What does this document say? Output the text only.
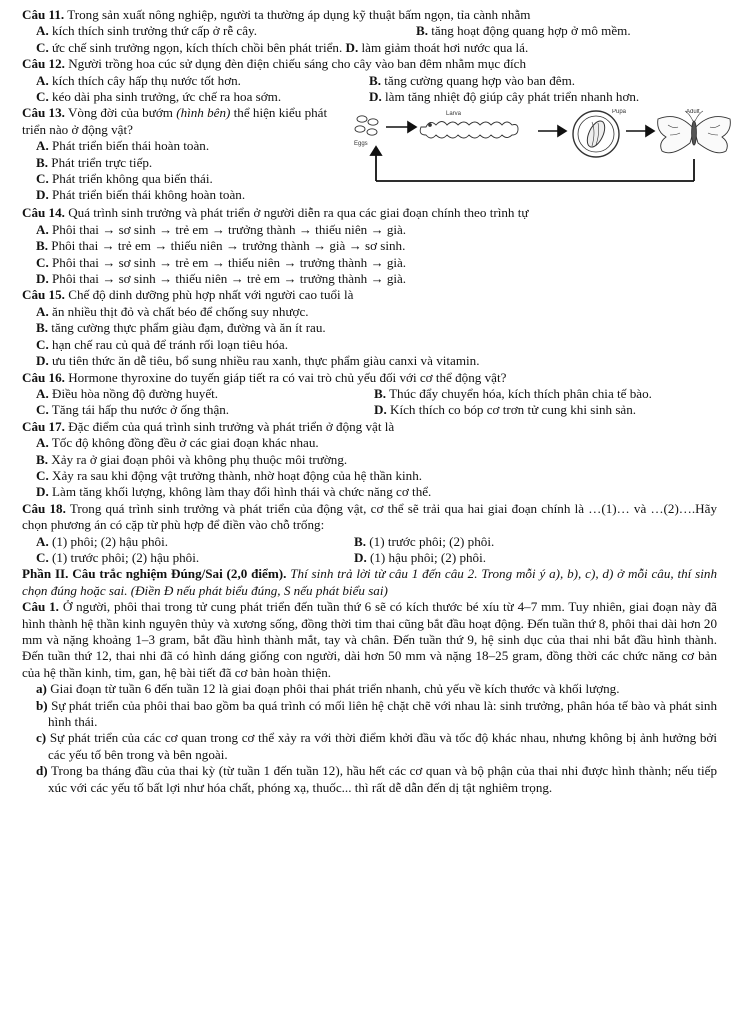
Câu 11. Trong sản xuất nông nghiệp, người ta thường áp dụng kỹ thuật bấm ngọn, tỉa cành nhằm
A. kích thích sinh trưởng thứ cấp ở rễ cây.	B. tăng hoạt động quang hợp ở mô mềm.
C. ức chế sinh trưởng ngọn, kích thích chồi bên phát triển. D. làm giảm thoát hơi nước qua lá.
Câu 12. Người trồng hoa cúc sử dụng đèn điện chiếu sáng cho cây vào ban đêm nhằm mục đích
A. kích thích cây hấp thụ nước tốt hơn.	B. tăng cường quang hợp vào ban đêm.
C. kéo dài pha sinh trưởng, ức chế ra hoa sớm.	D. làm tăng nhiệt độ giúp cây phát triển nhanh hơn.
Câu 13. Vòng đời của bướm (hình bên) thể hiện kiểu phát triển nào ở động vật?
A. Phát triển biến thái hoàn toàn.
B. Phát triển trực tiếp.
C. Phát triển không qua biến thái.
D. Phát triển biến thái không hoàn toàn.
Eggs
Larva	Pupa	Adult
Câu 14. Quá trình sinh trưởng và phát triển ở người diễn ra qua các giai đoạn chính theo trình tự
A. Phôi thai → sơ sinh → trẻ em → trưởng thành → thiếu niên → già.
B. Phôi thai → trẻ em → thiếu niên → trưởng thành → già → sơ sinh.
C. Phôi thai → sơ sinh → trẻ em → thiếu niên → trưởng thành → già.
D. Phôi thai → sơ sinh → thiếu niên → trẻ em → trưởng thành → già.
Câu 15. Chế độ dinh dưỡng phù hợp nhất với người cao tuổi là
A. ăn nhiều thịt đỏ và chất béo để chống suy nhược.
B. tăng cường thực phẩm giàu đạm, đường và ăn ít rau.
C. hạn chế rau củ quả để tránh rối loạn tiêu hóa.
D. ưu tiên thức ăn dễ tiêu, bổ sung nhiều rau xanh, thực phẩm giàu canxi và vitamin.
Câu 16. Hormone thyroxine do tuyến giáp tiết ra có vai trò chủ yếu đối với cơ thể động vật?
A. Điều hòa nồng độ đường huyết.	B. Thúc đẩy chuyển hóa, kích thích phân chia tế bào.
C. Tăng tái hấp thu nước ở ống thận.	D. Kích thích co bóp cơ trơn tử cung khi sinh sản.
Câu 17. Đặc điểm của quá trình sinh trưởng và phát triển ở động vật là
A. Tốc độ không đồng đều ở các giai đoạn khác nhau.
B. Xảy ra ở giai đoạn phôi và không phụ thuộc môi trường.
C. Xảy ra sau khi động vật trưởng thành, nhờ hoạt động của hệ thần kinh.
D. Làm tăng khối lượng, không làm thay đổi hình thái và chức năng cơ thể.
Câu 18. Trong quá trình sinh trưởng và phát triển của động vật, cơ thể sẽ trải qua hai giai đoạn chính là …(1)… và …(2)….Hãy chọn phương án có cặp từ phù hợp để điền vào chỗ trống:
A. (1) phôi; (2) hậu phôi.	B. (1) trước phôi; (2) phôi.
C. (1) trước phôi; (2) hậu phôi.	D. (1) hậu phôi; (2) phôi.
Phần II. Câu trắc nghiệm Đúng/Sai (2,0 điểm). Thí sinh trả lời từ câu 1 đến câu 2. Trong mỗi ý a), b), c), d) ở mỗi câu, thí sinh chọn đúng hoặc sai. (Điền Đ nếu phát biểu đúng, S nếu phát biểu sai)
Câu 1. Ở người, phôi thai trong tử cung phát triển đến tuần thứ 6 sẽ có kích thước bé xíu từ 4–7 mm. Tuy nhiên, giai đoạn này đã hình thành hệ thần kinh nguyên thủy và xương sống, đồng thời tim thai cũng bắt đầu hoạt động. Đến tuần thứ 8, phôi thai dài hơn 20 mm và nặng khoảng 1–3 gram, bắt đầu hình thành mắt, tay và chân. Đến tuần thứ 9, hệ sinh dục của thai nhi bắt đầu hình thành. Đến tuần thứ 12, thai nhi đã có hình dáng giống con người, dài hơn 50 mm và nặng 18–25 gram, đồng thời các chức năng cơ bản của hệ thần kinh, tim, gan, hệ bài tiết đã cơ bản hoàn thiện.
a) Giai đoạn từ tuần 6 đến tuần 12 là giai đoạn phôi thai phát triển nhanh, chủ yếu về kích thước và khối lượng.
b) Sự phát triển của phôi thai bao gồm ba quá trình có mối liên hệ chặt chẽ với nhau là: sinh trưởng, phân hóa tế bào và phát sinh hình thái.
c) Sự phát triển của các cơ quan trong cơ thể xảy ra với thời điểm khởi đầu và tốc độ khác nhau, nhưng không bị ảnh hưởng bởi các yếu tố bên trong và bên ngoài.
d) Trong ba tháng đầu của thai kỳ (từ tuần 1 đến tuần 12), hầu hết các cơ quan và bộ phận của thai nhi được hình thành; nếu tiếp xúc với các yếu tố bất lợi như hóa chất, phóng xạ, thuốc... thì rất dễ dẫn đến dị tật nghiêm trọng.
